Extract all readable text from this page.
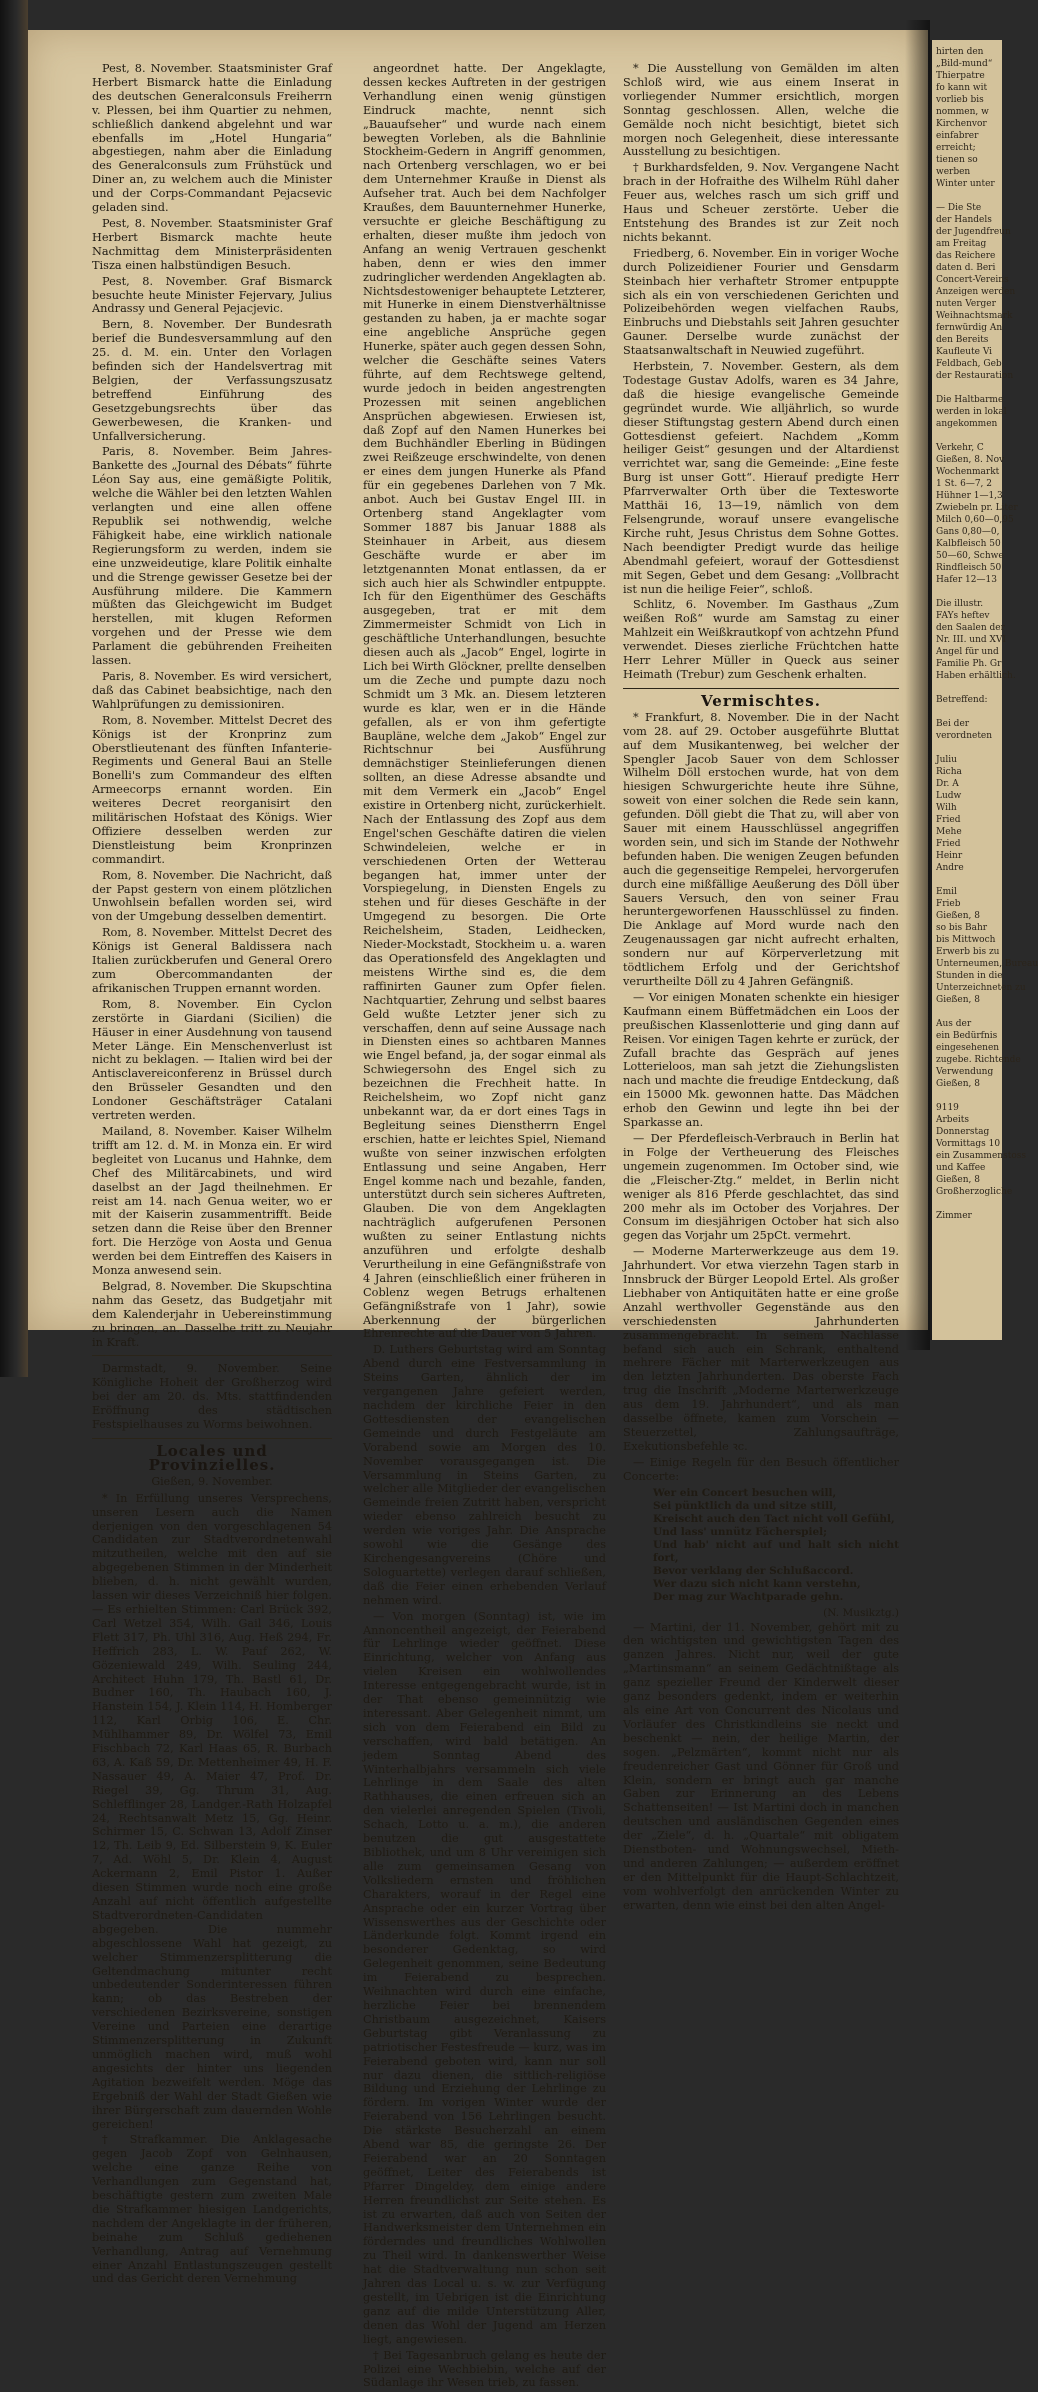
Pest, 8. November. Staatsminister Graf Herbert Bismarck hatte die Einladung des deutschen Generalconsuls Freiherrn v. Plessen, bei ihm Quartier zu nehmen, schließlich dankend abgelehnt und war ebenfalls im „Hotel Hungaria“ abgestiegen, nahm aber die Einladung des Generalconsuls zum Frühstück und Diner an, zu welchem auch die Minister und der Corps-Commandant Pejacsevic geladen sind.

Pest, 8. November. Staatsminister Graf Herbert Bismarck machte heute Nachmittag dem Ministerpräsidenten Tisza einen halbstündigen Besuch.

Pest, 8. November. Graf Bismarck besuchte heute Minister Fejervary, Julius Andrassy und General Pejacjevic.

Bern, 8. November. Der Bundesrath berief die Bundesversammlung auf den 25. d. M. ein. Unter den Vorlagen befinden sich der Handelsvertrag mit Belgien, der Verfassungszusatz betreffend Einführung des Gesetzgebungsrechts über das Gewerbewesen, die Kranken- und Unfallversicherung.

Paris, 8. November. Beim Jahres-Bankette des „Journal des Débats“ führte Léon Say aus, eine gemäßigte Politik, welche die Wähler bei den letzten Wahlen verlangten und eine allen offene Republik sei nothwendig, welche Fähigkeit habe, eine wirklich nationale Regierungsform zu werden, indem sie eine unzweideutige, klare Politik einhalte und die Strenge gewisser Gesetze bei der Ausführung mildere. Die Kammern müßten das Gleichgewicht im Budget herstellen, mit klugen Reformen vorgehen und der Presse wie dem Parlament die gebührenden Freiheiten lassen.

Paris, 8. November. Es wird versichert, daß das Cabinet beabsichtige, nach den Wahlprüfungen zu demissioniren.

Rom, 8. November. Mittelst Decret des Königs ist der Kronprinz zum Oberstlieutenant des fünften Infanterie-Regiments und General Baui an Stelle Bonelli's zum Commandeur des elften Armeecorps ernannt worden. Ein weiteres Decret reorganisirt den militärischen Hofstaat des Königs. Wier Offiziere desselben werden zur Dienstleistung beim Kronprinzen commandirt.

Rom, 8. November. Die Nachricht, daß der Papst gestern von einem plötzlichen Unwohlsein befallen worden sei, wird von der Umgebung desselben dementirt.

Rom, 8. November. Mittelst Decret des Königs ist General Baldissera nach Italien zurückberufen und General Orero zum Obercommandanten der afrikanischen Truppen ernannt worden.

Rom, 8. November. Ein Cyclon zerstörte in Giardani (Sicilien) die Häuser in einer Ausdehnung von tausend Meter Länge. Ein Menschenverlust ist nicht zu beklagen. — Italien wird bei der Antisclavereiconferenz in Brüssel durch den Brüsseler Gesandten und den Londoner Geschäftsträger Catalani vertreten werden.

Mailand, 8. November. Kaiser Wilhelm trifft am 12. d. M. in Monza ein. Er wird begleitet von Lucanus und Hahnke, dem Chef des Militärcabinets, und wird daselbst an der Jagd theilnehmen. Er reist am 14. nach Genua weiter, wo er mit der Kaiserin zusammentrifft. Beide setzen dann die Reise über den Brenner fort. Die Herzöge von Aosta und Genua werden bei dem Eintreffen des Kaisers in Monza anwesend sein.

Belgrad, 8. November. Die Skupschtina nahm das Gesetz, das Budgetjahr mit dem Kalenderjahr in Uebereinstimmung zu bringen, an. Dasselbe tritt zu Neujahr in Kraft.

Darmstadt, 9. November. Seine Königliche Hoheit der Großherzog wird bei der am 20. ds. Mts. stattfindenden Eröffnung des städtischen Festspielhauses zu Worms beiwohnen.

Locales und Provinzielles.
Gießen, 9. November.

* In Erfüllung unseres Versprechens, unseren Lesern auch die Namen derjenigen von den vorgeschlagenen 54 Candidaten zur Stadtverordnetenwahl mitzutheilen, welche mit den auf sie abgegebenen Stimmen in der Minderheit blieben, d. h. nicht gewählt wurden, lassen wir dieses Verzeichniß hier folgen. — Es erhielten Stimmen: Carl Brück 392, Carl Wetzel 354, Wilh. Gail 346, Louis Flett 317, Ph. Uhl 316, Aug. Heß 294, Fr. Heffrich 283, L. W. Pauf 262, W. Gözeniewald 249, Wilh. Seuling 244, Architect Huhn 179, Th. Bastl 61, Dr. Budner 160, Th. Haubach 160, J. Hanstein 154, J. Klein 114, H. Homberger 112, Karl Orbig 106, E. Chr. Mühlhammer 89, Dr. Wölfel 73, Emil Fischbach 72, Karl Haas 65, R. Burbach 63, A. Kaß 59, Dr. Mettenheimer 49, H. F. Nassauer 49, A. Maier 47, Prof. Dr. Riegel 39, Gg. Thrum 31, Aug. Schlefflinger 28, Landger.-Rath Holzapfel 24, Rechtsanwalt Metz 15, Gg. Heinr. Schirmer 15, C. Schwan 13, Adolf Zinser 12, Th. Leib 9, Ed. Silberstein 9, K. Euler 7, Ad. Wöhl 5, Dr. Klein 4, August Ackermann 2, Emil Pistor 1. Außer diesen Stimmen wurde noch eine große Anzahl auf nicht öffentlich aufgestellte Stadtverordneten-Candidaten abgegeben. Die nummehr abgeschlossene Wahl hat gezeigt, zu welcher Stimmenzersplitterung die Geltendmachung mitunter recht unbedeutender Sonderinteressen führen kann; ob das Bestreben der verschiedenen Bezirksvereine, sonstigen Vereine und Parteien eine derartige Stimmenzersplitterung in Zukunft unmöglich machen wird, muß wohl angesichts der hinter uns liegenden Agitation bezweifelt werden. Möge das Ergebniß der Wahl der Stadt Gießen wie ihrer Bürgerschaft zum dauernden Wohle gereichen!

† Strafkammer. Die Anklagesache gegen Jacob Zopf von Gelnhausen, welche eine ganze Reihe von Verhandlungen zum Gegenstand hat, beschäftigte gestern zum zweiten Male die Strafkammer hiesigen Landgerichts, nachdem der Angeklagte in der früheren, beinahe zum Schluß gediehenen Verhandlung, Antrag auf Vernehmung einer Anzahl Entlastungszeugen gestellt und das Gericht deren Vernehmung

angeordnet hatte. Der Angeklagte, dessen keckes Auftreten in der gestrigen Verhandlung einen wenig günstigen Eindruck machte, nennt sich „Bauaufseher“ und wurde nach einem bewegten Vorleben, als die Bahnlinie Stockheim-Gedern in Angriff genommen, nach Ortenberg verschlagen, wo er bei dem Unternehmer Krauße in Dienst als Aufseher trat. Auch bei dem Nachfolger Kraußes, dem Bauunternehmer Hunerke, versuchte er gleiche Beschäftigung zu erhalten, dieser mußte ihm jedoch von Anfang an wenig Vertrauen geschenkt haben, denn er wies den immer zudringlicher werdenden Angeklagten ab. Nichtsdestoweniger behauptete Letzterer, mit Hunerke in einem Dienstverhältnisse gestanden zu haben, ja er machte sogar eine angebliche Ansprüche gegen Hunerke, später auch gegen dessen Sohn, welcher die Geschäfte seines Vaters führte, auf dem Rechtswege geltend, wurde jedoch in beiden angestrengten Prozessen mit seinen angeblichen Ansprüchen abgewiesen. Erwiesen ist, daß Zopf auf den Namen Hunerkes bei dem Buchhändler Eberling in Büdingen zwei Reißzeuge erschwindelte, von denen er eines dem jungen Hunerke als Pfand für ein gegebenes Darlehen von 7 Mk. anbot. Auch bei Gustav Engel III. in Ortenberg stand Angeklagter vom Sommer 1887 bis Januar 1888 als Steinhauer in Arbeit, aus diesem Geschäfte wurde er aber im letztgenannten Monat entlassen, da er sich auch hier als Schwindler entpuppte. Ich für den Eigenthümer des Geschäfts ausgegeben, trat er mit dem Zimmermeister Schmidt von Lich in geschäftliche Unterhandlungen, besuchte diesen auch als „Jacob“ Engel, logirte in Lich bei Wirth Glöckner, prellte denselben um die Zeche und pumpte dazu noch Schmidt um 3 Mk. an. Diesem letzteren wurde es klar, wen er in die Hände gefallen, als er von ihm gefertigte Baupläne, welche dem „Jakob“ Engel zur Richtschnur bei Ausführung demnächstiger Steinlieferungen dienen sollten, an diese Adresse absandte und mit dem Vermerk ein „Jacob“ Engel existire in Ortenberg nicht, zurückerhielt. Nach der Entlassung des Zopf aus dem Engel'schen Geschäfte datiren die vielen Schwindeleien, welche er in verschiedenen Orten der Wetterau begangen hat, immer unter der Vorspiegelung, in Diensten Engels zu stehen und für dieses Geschäfte in der Umgegend zu besorgen. Die Orte Reichelsheim, Staden, Leidhecken, Nieder-Mockstadt, Stockheim u. a. waren das Operationsfeld des Angeklagten und meistens Wirthe sind es, die dem raffinirten Gauner zum Opfer fielen. Nachtquartier, Zehrung und selbst baares Geld wußte Letzter jener sich zu verschaffen, denn auf seine Aussage nach in Diensten eines so achtbaren Mannes wie Engel befand, ja, der sogar einmal als Schwiegersohn des Engel sich zu bezeichnen die Frechheit hatte. In Reichelsheim, wo Zopf nicht ganz unbekannt war, da er dort eines Tags in Begleitung seines Dienstherrn Engel erschien, hatte er leichtes Spiel, Niemand wußte von seiner inzwischen erfolgten Entlassung und seine Angaben, Herr Engel komme nach und bezahle, fanden, unterstützt durch sein sicheres Auftreten, Glauben. Die von dem Angeklagten nachträglich aufgerufenen Personen wußten zu seiner Entlastung nichts anzuführen und erfolgte deshalb Verurtheilung in eine Gefängnißstrafe von 4 Jahren (einschließlich einer früheren in Coblenz wegen Betrugs erhaltenen Gefängnißstrafe von 1 Jahr), sowie Aberkennung der bürgerlichen Ehrenrechte auf die Dauer von 5 Jahren.

D. Luthers Geburtstag wird am Sonntag Abend durch eine Festversammlung in Steins Garten, ähnlich der im vergangenen Jahre gefeiert werden, nachdem der kirchliche Feier in den Gottesdiensten der evangelischen Gemeinde und durch Festgeläute am Vorabend sowie am Morgen des 10. November vorausgegangen ist. Die Versammlung in Steins Garten, zu welcher alle Mitglieder der evangelischen Gemeinde freien Zutritt haben, verspricht wieder ebenso zahlreich besucht zu werden wie voriges Jahr. Die Ansprache sowohl wie die Gesänge des Kirchengesangvereins (Chöre und Sologuartette) verlegen darauf schließen, daß die Feier einen erhebenden Verlauf nehmen wird.

— Von morgen (Sonntag) ist, wie im Annoncentheil angezeigt, der Feierabend für Lehrlinge wieder geöffnet. Diese Einrichtung, welcher von Anfang aus vielen Kreisen ein wohlwollendes Interesse entgegengebracht wurde, ist in der That ebenso gemeinnützig wie interessant. Aber Gelegenheit nimmt, um sich von dem Feierabend ein Bild zu verschaffen, wird bald betätigen. An jedem Sonntag Abend des Winterhalbjahrs versammeln sich viele Lehrlinge in dem Saale des alten Rathhauses, die einen erfreuen sich an den vielerlei anregenden Spielen (Tivoli, Schach, Lotto u. a. m.), die anderen benutzen die gut ausgestattete Bibliothek, und um 8 Uhr vereinigen sich alle zum gemeinsamen Gesang von Volksliedern ernsten und fröhlichen Charakters, worauf in der Regel eine Ansprache oder ein kurzer Vortrag über Wissenswerthes aus der Geschichte oder Länderkunde folgt. Kommt irgend ein besonderer Gedenktag, so wird Gelegenheit genommen, seine Bedeutung im Feierabend zu besprechen. Weihnachten wird durch eine einfache, herzliche Feier bei brennendem Christbaum ausgezeichnet, Kaisers Geburtstag gibt Veranlassung zu patriotischer Festesfreude — kurz, was im Feierabend geboten wird, kann nur soll nur dazu dienen, die sittlich-religiöse Bildung und Erziehung der Lehrlinge zu fördern. Im vorigen Winter wurde der Feierabend von 156 Lehrlingen besucht. Die stärkste Besucherzahl an einem Abend war 85, die geringste 26. Der Feierabend war an 20 Sonntagen geöffnet, Leiter des Feierabends ist Pfarrer Dingeldey, dem einige andere Herren freundlichst zur Seite stehen. Es ist zu erwarten, daß auch von Seiten der Handwerksmeister dem Unternehmen ein förderndes und freundliches Wohlwollen zu Theil wird. In dankenswerther Weise hat die Stadtverwaltung nun schon seit Jahren das Local u. s. w. zur Verfügung gestellt, im Uebrigen ist die Einrichtung ganz auf die milde Unterstützung Aller, denen das Wohl der Jugend am Herzen liegt, angewiesen.

† Bei Tagesanbruch gelang es heute der Polizei eine Wechbiebin, welche auf der Südanlage ihr Wesen trieb, zu fassen.

* Die Ausstellung von Gemälden im alten Schloß wird, wie aus einem Inserat in vorliegender Nummer ersichtlich, morgen Sonntag geschlossen. Allen, welche die Gemälde noch nicht besichtigt, bietet sich morgen noch Gelegenheit, diese interessante Ausstellung zu besichtigen.

† Burkhardsfelden, 9. Nov. Vergangene Nacht brach in der Hofraithe des Wilhelm Rühl daher Feuer aus, welches rasch um sich griff und Haus und Scheuer zerstörte. Ueber die Entstehung des Brandes ist zur Zeit noch nichts bekannt.

Friedberg, 6. November. Ein in voriger Woche durch Polizeidiener Fourier und Gensdarm Steinbach hier verhaftetr Stromer entpuppte sich als ein von verschiedenen Gerichten und Polizeibehörden wegen vielfachen Raubs, Einbruchs und Diebstahls seit Jahren gesuchter Gauner. Derselbe wurde zunächst der Staatsanwaltschaft in Neuwied zugeführt.

Herbstein, 7. November. Gestern, als dem Todestage Gustav Adolfs, waren es 34 Jahre, daß die hiesige evangelische Gemeinde gegründet wurde. Wie alljährlich, so wurde dieser Stiftungstag gestern Abend durch einen Gottesdienst gefeiert. Nachdem „Komm heiliger Geist“ gesungen und der Altardienst verrichtet war, sang die Gemeinde: „Eine feste Burg ist unser Gott“. Hierauf predigte Herr Pfarrverwalter Orth über die Textesworte Matthäi 16, 13—19, nämlich von dem Felsengrunde, worauf unsere evangelische Kirche ruht, Jesus Christus dem Sohne Gottes. Nach beendigter Predigt wurde das heilige Abendmahl gefeiert, worauf der Gottesdienst mit Segen, Gebet und dem Gesang: „Vollbracht ist nun die heilige Feier“, schloß.

Schlitz, 6. November. Im Gasthaus „Zum weißen Roß“ wurde am Samstag zu einer Mahlzeit ein Weißkrautkopf von achtzehn Pfund verwendet. Dieses zierliche Früchtchen hatte Herr Lehrer Müller in Queck aus seiner Heimath (Trebur) zum Geschenk erhalten.

Vermischtes.

* Frankfurt, 8. November. Die in der Nacht vom 28. auf 29. October ausgeführte Bluttat auf dem Musikantenweg, bei welcher der Spengler Jacob Sauer von dem Schlosser Wilhelm Döll erstochen wurde, hat von dem hiesigen Schwurgerichte heute ihre Sühne, soweit von einer solchen die Rede sein kann, gefunden. Döll giebt die That zu, will aber von Sauer mit einem Hausschlüssel angegriffen worden sein, und sich im Stande der Nothwehr befunden haben. Die wenigen Zeugen befunden auch die gegenseitige Rempelei, hervorgerufen durch eine mißfällige Aeußerung des Döll über Sauers Versuch, den von seiner Frau heruntergeworfenen Hausschlüssel zu finden. Die Anklage auf Mord wurde nach den Zeugenaussagen gar nicht aufrecht erhalten, sondern nur auf Körperverletzung mit tödtlichem Erfolg und der Gerichtshof verurtheilte Döll zu 4 Jahren Gefängniß.

— Vor einigen Monaten schenkte ein hiesiger Kaufmann einem Büffetmädchen ein Loos der preußischen Klassenlotterie und ging dann auf Reisen. Vor einigen Tagen kehrte er zurück, der Zufall brachte das Gespräch auf jenes Lotterieloos, man sah jetzt die Ziehungslisten nach und machte die freudige Entdeckung, daß ein 15000 Mk. gewonnen hatte. Das Mädchen erhob den Gewinn und legte ihn bei der Sparkasse an.

— Der Pferdefleisch-Verbrauch in Berlin hat in Folge der Vertheuerung des Fleisches ungemein zugenommen. Im October sind, wie die „Fleischer-Ztg.“ meldet, in Berlin nicht weniger als 816 Pferde geschlachtet, das sind 200 mehr als im October des Vorjahres. Der Consum im diesjährigen October hat sich also gegen das Vorjahr um 25pCt. vermehrt.

— Moderne Marterwerkzeuge aus dem 19. Jahrhundert. Vor etwa vierzehn Tagen starb in Innsbruck der Bürger Leopold Ertel. Als großer Liebhaber von Antiquitäten hatte er eine große Anzahl werthvoller Gegenstände aus den verschiedensten Jahrhunderten zusammengebracht. In seinem Nachlasse befand sich auch ein Schrank, enthaltend mehrere Fächer mit Marterwerkzeugen aus den letzten Jahrhunderten. Das oberste Fach trug die Inschrift „Moderne Marterwerkzeuge aus dem 19. Jahrhundert“, und als man dasselbe öffnete, kamen zum Vorschein — Steuerzettel, Zahlungsaufträge, Exekutionsbefehle ꝛc.

— Einige Regeln für den Besuch öffentlicher Concerte:

Wer ein Concert besuchen will,
Sei pünktlich da und sitze still,
Kreischt auch den Tact nicht voll Gefühl,
Und lass' unnütz Fächerspiel;
Und hab' nicht auf und halt sich nicht fort,
Bevor verklang der Schlußaccord.
Wer dazu sich nicht kann verstehn,
Der mag zur Wachtparade gehn.
(N. Musikztg.)

— Martini, der 11. November, gehört mit zu den wichtigsten und gewichtigsten Tagen des ganzen Jahres. Nicht nur, weil der gute „Martinsmann“ an seinem Gedächtnißtage als ganz spezieller Freund der Kinderwelt dieser ganz besonders gedenkt, indem er weiterhin als eine Art von Concurrent des Nicolaus und Vorläufer des Christkindleins sie neckt und beschenkt — nein, der heilige Martin, der sogen. „Pelzmärten“, kommt nicht nur als freudenreicher Gast und Gönner für Groß und Klein, sondern er bringt auch gar manche Gaben zur Erinnerung an des Lebens Schattenseiten! — Ist Martini doch in manchen deutschen und ausländischen Gegenden eines der „Ziele“, d. h. „Quartale“ mit obligatem Dienstboten- und Wohnungswechsel, Mieth- und anderen Zahlungen; — außerdem eröffnet er den Mittelpunkt für die Haupt-Schlachtzeit, vom wohlverfolgt den anrückenden Winter zu erwarten, denn wie einst bei den alten Angel-

hirten den
„Bild-mund“
Thierpatre
fo kann wit
vorlieb bis
nommen, w
Kirchenvor
einfabrer
erreicht;
tienen so
werben
Winter unter

— Die Ste
der Handels
der Jugendfreun
am Freitag
das Reichere
daten d. Beri
Concert-Vereins
Anzeigen werden
nuten Verger
Weihnachtsmark
fernwürdig An
den Bereits
Kaufleute Vi
Feldbach, Geb
der Restauration

Die Haltbarme
werden in lokal
angekommen

Verkehr, C
Gießen, 8. Nov
Wochenmarkt
1 St. 6—7, 2
Hühner 1—1,3
Zwiebeln pr. Liter
Milch 0,60—0,95
Gans 0,80—0,
Kalbfleisch 50
50—60, Schwe
Rindfleisch 50
Hafer 12—13

Die illustr.
FAYs heftev
den Saalen der
Nr. III. und XVI
Angel für und
Familie Ph. Gr
Haben erhältlich.

Betreffend:

Bei der
verordneten

Juliu
Richa
Dr. A
Ludw
Wilh
Fried
Mehe
Fried
Heinr
Andre

Emil
Frieb
Gießen, 8
so bis Bahr
bis Mittwoch
Erwerb bis zu
Unterneumen, Bureau
Stunden in die
Unterzeichneten zu
Gießen, 8

Aus der
ein Bedürfnis
eingesehenen
zugebe. Richtende
Verwendung
Gießen, 8

9119
Arbeits
Donnerstag
Vormittags 10
ein Zusammenstoss
und Kaffee
Gießen, 8
Großherzogliche

Zimmer
